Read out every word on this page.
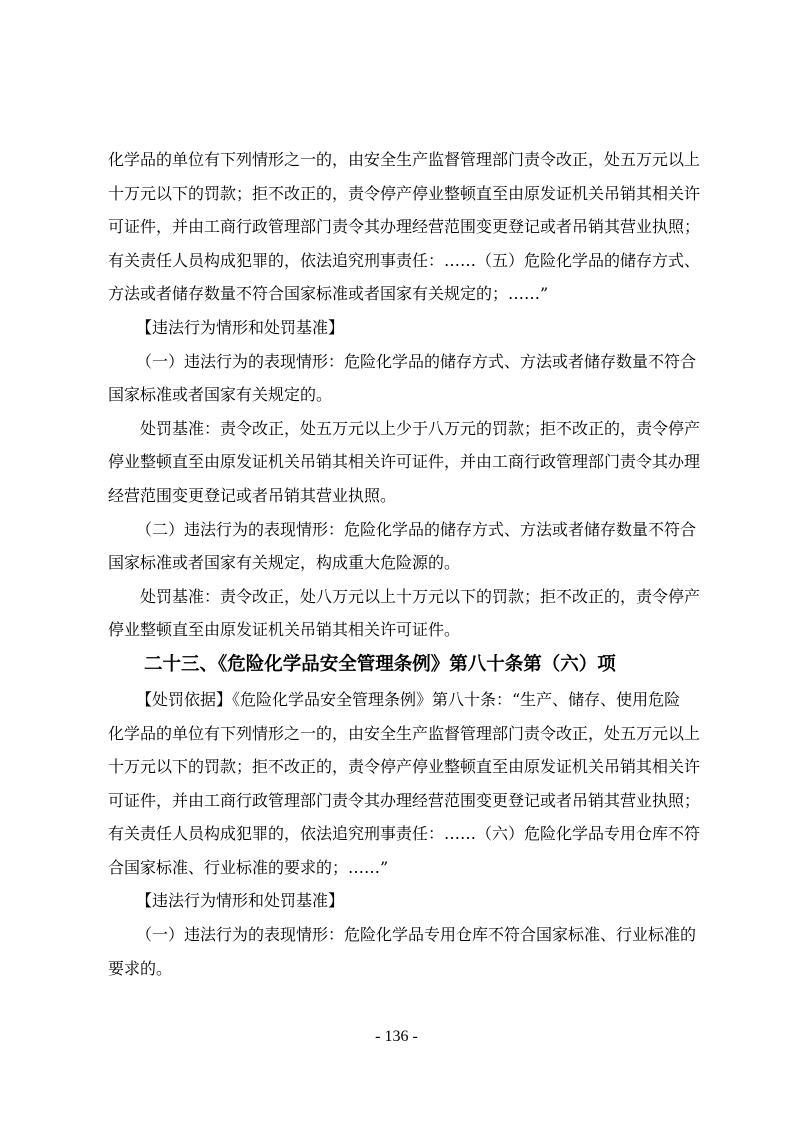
化学品的单位有下列情形之一的，由安全生产监督管理部门责令改正，处五万元以上
十万元以下的罚款；拒不改正的，责令停产停业整顿直至由原发证机关吊销其相关许
可证件，并由工商行政管理部门责令其办理经营范围变更登记或者吊销其营业执照；
有关责任人员构成犯罪的，依法追究刑事责任：……（五）危险化学品的储存方式、
方法或者储存数量不符合国家标准或者国家有关规定的；……”
【违法行为情形和处罚基准】
（一）违法行为的表现情形：危险化学品的储存方式、方法或者储存数量不符合
国家标准或者国家有关规定的。
处罚基准：责令改正，处五万元以上少于八万元的罚款；拒不改正的，责令停产
停业整顿直至由原发证机关吊销其相关许可证件，并由工商行政管理部门责令其办理
经营范围变更登记或者吊销其营业执照。
（二）违法行为的表现情形：危险化学品的储存方式、方法或者储存数量不符合
国家标准或者国家有关规定，构成重大危险源的。
处罚基准：责令改正，处八万元以上十万元以下的罚款；拒不改正的，责令停产
停业整顿直至由原发证机关吊销其相关许可证件。
二十三、《危险化学品安全管理条例》第八十条第（六）项
【处罚依据】《危险化学品安全管理条例》第八十条：“生产、储存、使用危险
化学品的单位有下列情形之一的，由安全生产监督管理部门责令改正，处五万元以上
十万元以下的罚款；拒不改正的，责令停产停业整顿直至由原发证机关吊销其相关许
可证件，并由工商行政管理部门责令其办理经营范围变更登记或者吊销其营业执照；
有关责任人员构成犯罪的，依法追究刑事责任：……（六）危险化学品专用仓库不符
合国家标准、行业标准的要求的；……”
【违法行为情形和处罚基准】
（一）违法行为的表现情形：危险化学品专用仓库不符合国家标准、行业标准的
要求的。
- 136 -
